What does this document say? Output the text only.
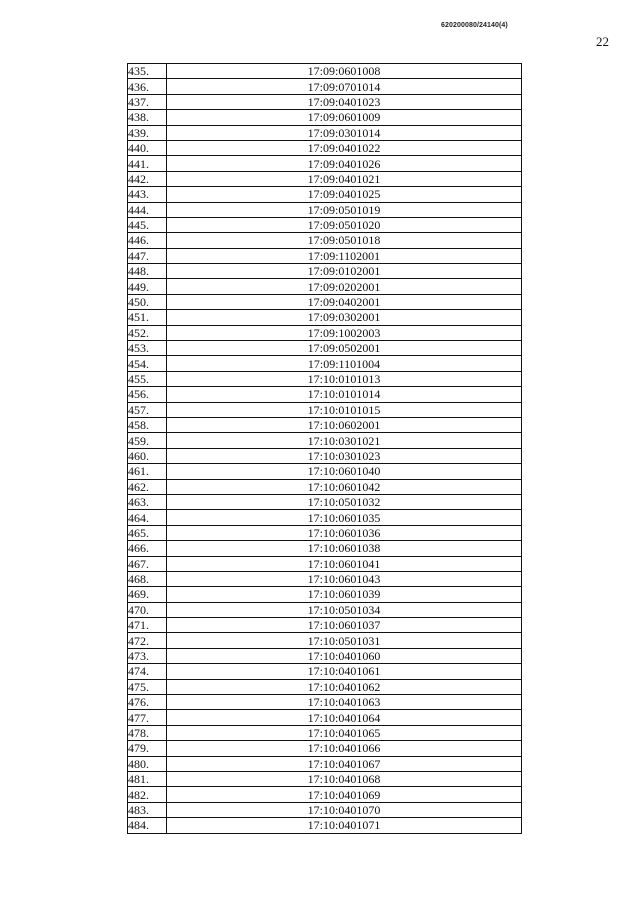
620200080/24140(4)
22
435.	17:09:0601008
436.	17:09:0701014
437.	17:09:0401023
438.	17:09:0601009
439.	17:09:0301014
440.	17:09:0401022
441.	17:09:0401026
442.	17:09:0401021
443.	17:09:0401025
444.	17:09:0501019
445.	17:09:0501020
446.	17:09:0501018
447.	17:09:1102001
448.	17:09:0102001
449.	17:09:0202001
450.	17:09:0402001
451.	17:09:0302001
452.	17:09:1002003
453.	17:09:0502001
454.	17:09:1101004
455.	17:10:0101013
456.	17:10:0101014
457.	17:10:0101015
458.	17:10:0602001
459.	17:10:0301021
460.	17:10:0301023
461.	17:10:0601040
462.	17:10:0601042
463.	17:10:0501032
464.	17:10:0601035
465.	17:10:0601036
466.	17:10:0601038
467.	17:10:0601041
468.	17:10:0601043
469.	17:10:0601039
470.	17:10:0501034
471.	17:10:0601037
472.	17:10:0501031
473.	17:10:0401060
474.	17:10:0401061
475.	17:10:0401062
476.	17:10:0401063
477.	17:10:0401064
478.	17:10:0401065
479.	17:10:0401066
480.	17:10:0401067
481.	17:10:0401068
482.	17:10:0401069
483.	17:10:0401070
484.	17:10:0401071
